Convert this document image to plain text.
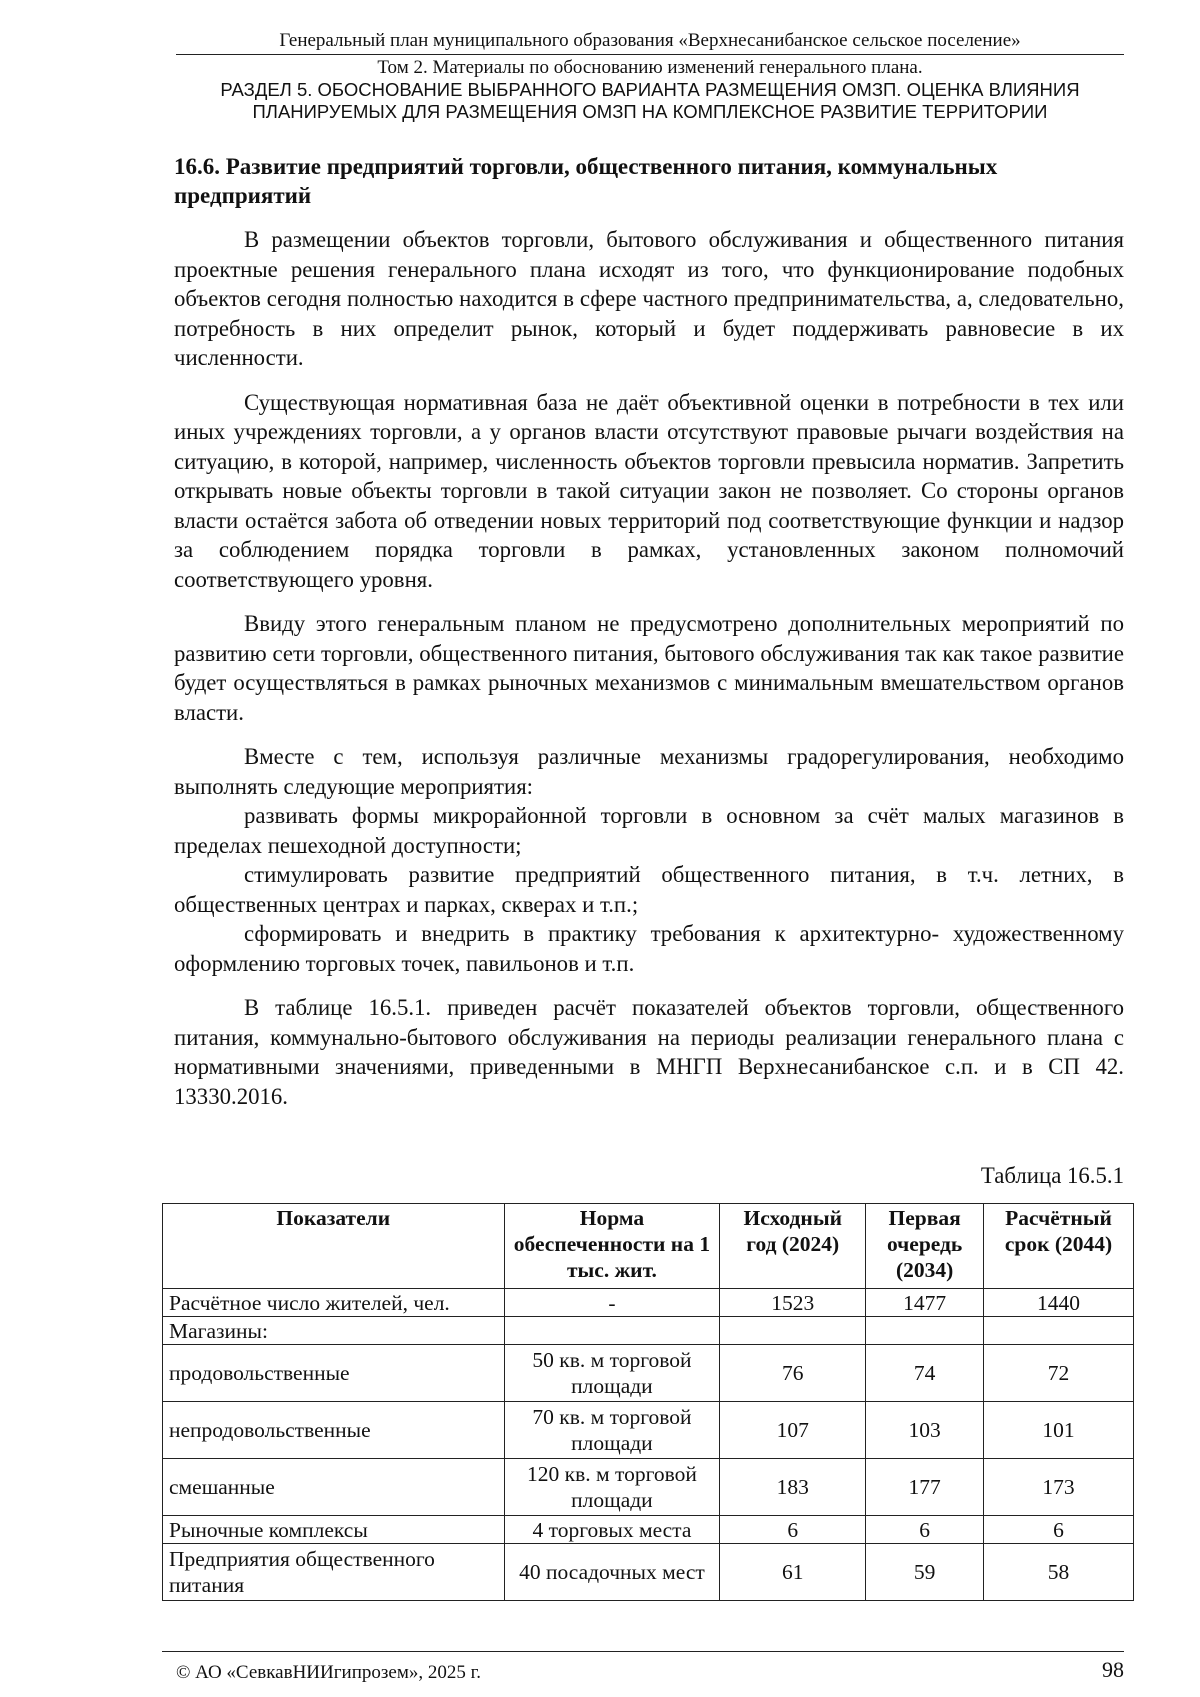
Генеральный план муниципального образования «Верхнесанибанское сельское поселение»
Том 2. Материалы по обоснованию изменений генерального плана.
РАЗДЕЛ 5. ОБОСНОВАНИЕ ВЫБРАННОГО ВАРИАНТА РАЗМЕЩЕНИЯ ОМЗП. ОЦЕНКА ВЛИЯНИЯ
ПЛАНИРУЕМЫХ ДЛЯ РАЗМЕЩЕНИЯ ОМЗП НА КОМПЛЕКСНОЕ РАЗВИТИЕ ТЕРРИТОРИИ
16.6. Развитие предприятий торговли, общественного питания, коммунальных предприятий

В размещении объектов торговли, бытового обслуживания и общественного питания проектные решения генерального плана исходят из того, что функционирование подобных объектов сегодня полностью находится в сфере частного предпринимательства, а, следовательно, потребность в них определит рынок, который и будет поддерживать равновесие в их численности.

Существующая нормативная база не даёт объективной оценки в потребности в тех или иных учреждениях торговли, а у органов власти отсутствуют правовые рычаги воздействия на ситуацию, в которой, например, численность объектов торговли превысила норматив. Запретить открывать новые объекты торговли в такой ситуации закон не позволяет. Со стороны органов власти остаётся забота об отведении новых территорий под соответствующие функции и надзор за соблюдением порядка торговли в рамках, установленных законом полномочий соответствующего уровня.

Ввиду этого генеральным планом не предусмотрено дополнительных мероприятий по развитию сети торговли, общественного питания, бытового обслуживания так как такое развитие будет осуществляться в рамках рыночных механизмов с минимальным вмешательством органов власти.

Вместе с тем, используя различные механизмы градорегулирования, необходимо выполнять следующие мероприятия:

развивать формы микрорайонной торговли в основном за счёт малых магазинов в пределах пешеходной доступности;

стимулировать развитие предприятий общественного питания, в т.ч. летних, в общественных центрах и парках, скверах и т.п.;

сформировать и внедрить в практику требования к архитектурно- художественному оформлению торговых точек, павильонов и т.п.

В таблице 16.5.1. приведен расчёт показателей объектов торговли, общественного питания, коммунально-бытового обслуживания на периоды реализации генерального плана с нормативными значениями, приведенными в МНГП Верхнесанибанское с.п. и в СП 42. 13330.2016.

Таблица 16.5.1
Показатели	Норма обеспеченности на 1 тыс. жит.	Исходный год (2024)	Первая очередь (2034)	Расчётный срок (2044)
Расчётное число жителей, чел.	-	1523	1477	1440
Магазины:				
продовольственные	50 кв. м торговой площади	76	74	72
непродовольственные	70 кв. м торговой площади	107	103	101
смешанные	120 кв. м торговой площади	183	177	173
Рыночные комплексы	4 торговых места	6	6	6
Предприятия общественного питания	40 посадочных мест	61	59	58
© АО «СевкавНИИгипрозем», 2025 г.	98
